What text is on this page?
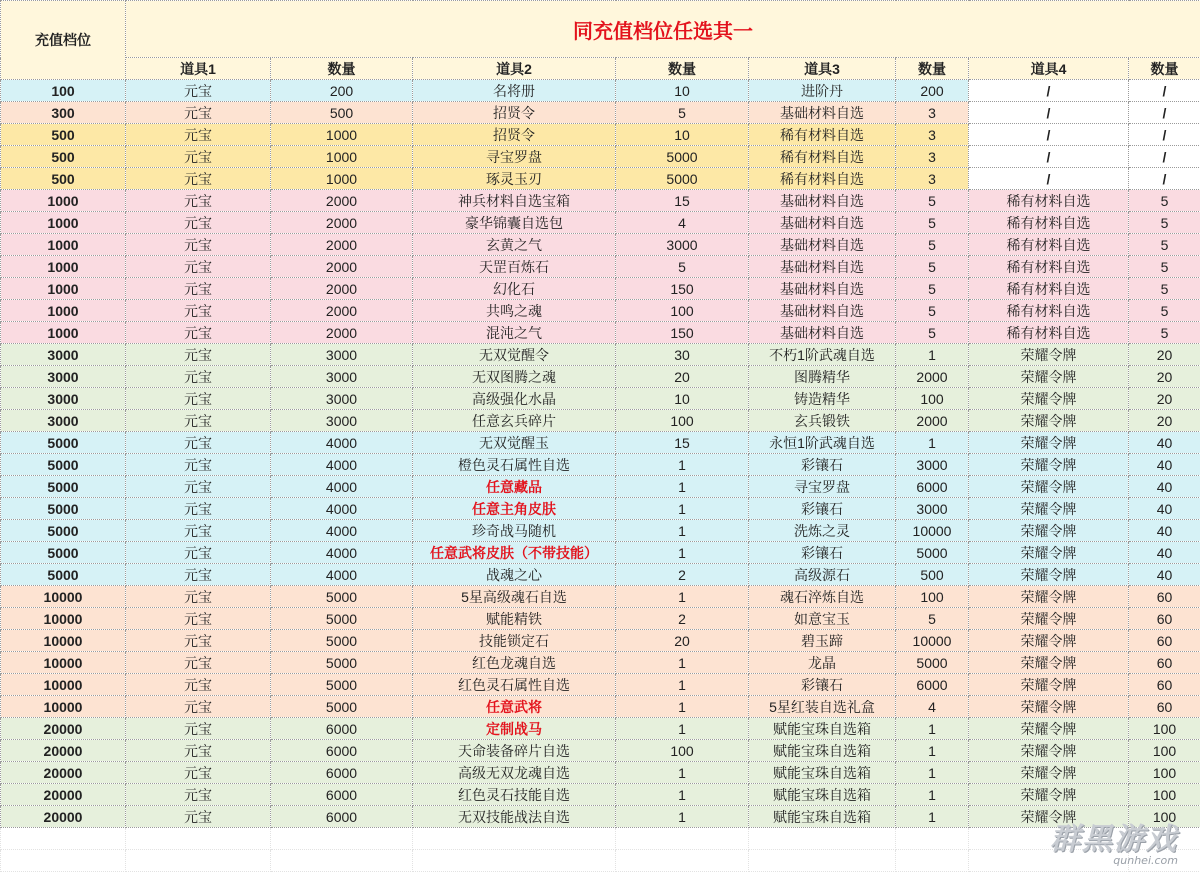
充值档位	同充值档位任选其一							
	道具1	数量	道具2	数量	道具3	数量	道具4	数量
100	元宝	200	名将册	10	进阶丹	200	/	/
300	元宝	500	招贤令	5	基础材料自选	3	/	/
500	元宝	1000	招贤令	10	稀有材料自选	3	/	/
500	元宝	1000	寻宝罗盘	5000	稀有材料自选	3	/	/
500	元宝	1000	琢灵玉刃	5000	稀有材料自选	3	/	/
1000	元宝	2000	神兵材料自选宝箱	15	基础材料自选	5	稀有材料自选	5
1000	元宝	2000	豪华锦囊自选包	4	基础材料自选	5	稀有材料自选	5
1000	元宝	2000	玄黄之气	3000	基础材料自选	5	稀有材料自选	5
1000	元宝	2000	天罡百炼石	5	基础材料自选	5	稀有材料自选	5
1000	元宝	2000	幻化石	150	基础材料自选	5	稀有材料自选	5
1000	元宝	2000	共鸣之魂	100	基础材料自选	5	稀有材料自选	5
1000	元宝	2000	混沌之气	150	基础材料自选	5	稀有材料自选	5
3000	元宝	3000	无双觉醒令	30	不朽1阶武魂自选	1	荣耀令牌	20
3000	元宝	3000	无双图腾之魂	20	图腾精华	2000	荣耀令牌	20
3000	元宝	3000	高级强化水晶	10	铸造精华	100	荣耀令牌	20
3000	元宝	3000	任意玄兵碎片	100	玄兵锻铁	2000	荣耀令牌	20
5000	元宝	4000	无双觉醒玉	15	永恒1阶武魂自选	1	荣耀令牌	40
5000	元宝	4000	橙色灵石属性自选	1	彩镶石	3000	荣耀令牌	40
5000	元宝	4000	任意藏品	1	寻宝罗盘	6000	荣耀令牌	40
5000	元宝	4000	任意主角皮肤	1	彩镶石	3000	荣耀令牌	40
5000	元宝	4000	珍奇战马随机	1	洗炼之灵	10000	荣耀令牌	40
5000	元宝	4000	任意武将皮肤（不带技能）	1	彩镶石	5000	荣耀令牌	40
5000	元宝	4000	战魂之心	2	高级源石	500	荣耀令牌	40
10000	元宝	5000	5星高级魂石自选	1	魂石淬炼自选	100	荣耀令牌	60
10000	元宝	5000	赋能精铁	2	如意宝玉	5	荣耀令牌	60
10000	元宝	5000	技能锁定石	20	碧玉蹄	10000	荣耀令牌	60
10000	元宝	5000	红色龙魂自选	1	龙晶	5000	荣耀令牌	60
10000	元宝	5000	红色灵石属性自选	1	彩镶石	6000	荣耀令牌	60
10000	元宝	5000	任意武将	1	5星红装自选礼盒	4	荣耀令牌	60
20000	元宝	6000	定制战马	1	赋能宝珠自选箱	1	荣耀令牌	100
20000	元宝	6000	天命装备碎片自选	100	赋能宝珠自选箱	1	荣耀令牌	100
20000	元宝	6000	高级无双龙魂自选	1	赋能宝珠自选箱	1	荣耀令牌	100
20000	元宝	6000	红色灵石技能自选	1	赋能宝珠自选箱	1	荣耀令牌	100
20000	元宝	6000	无双技能战法自选	1	赋能宝珠自选箱	1	荣耀令牌	100

群黑游戏
qunhei.com
